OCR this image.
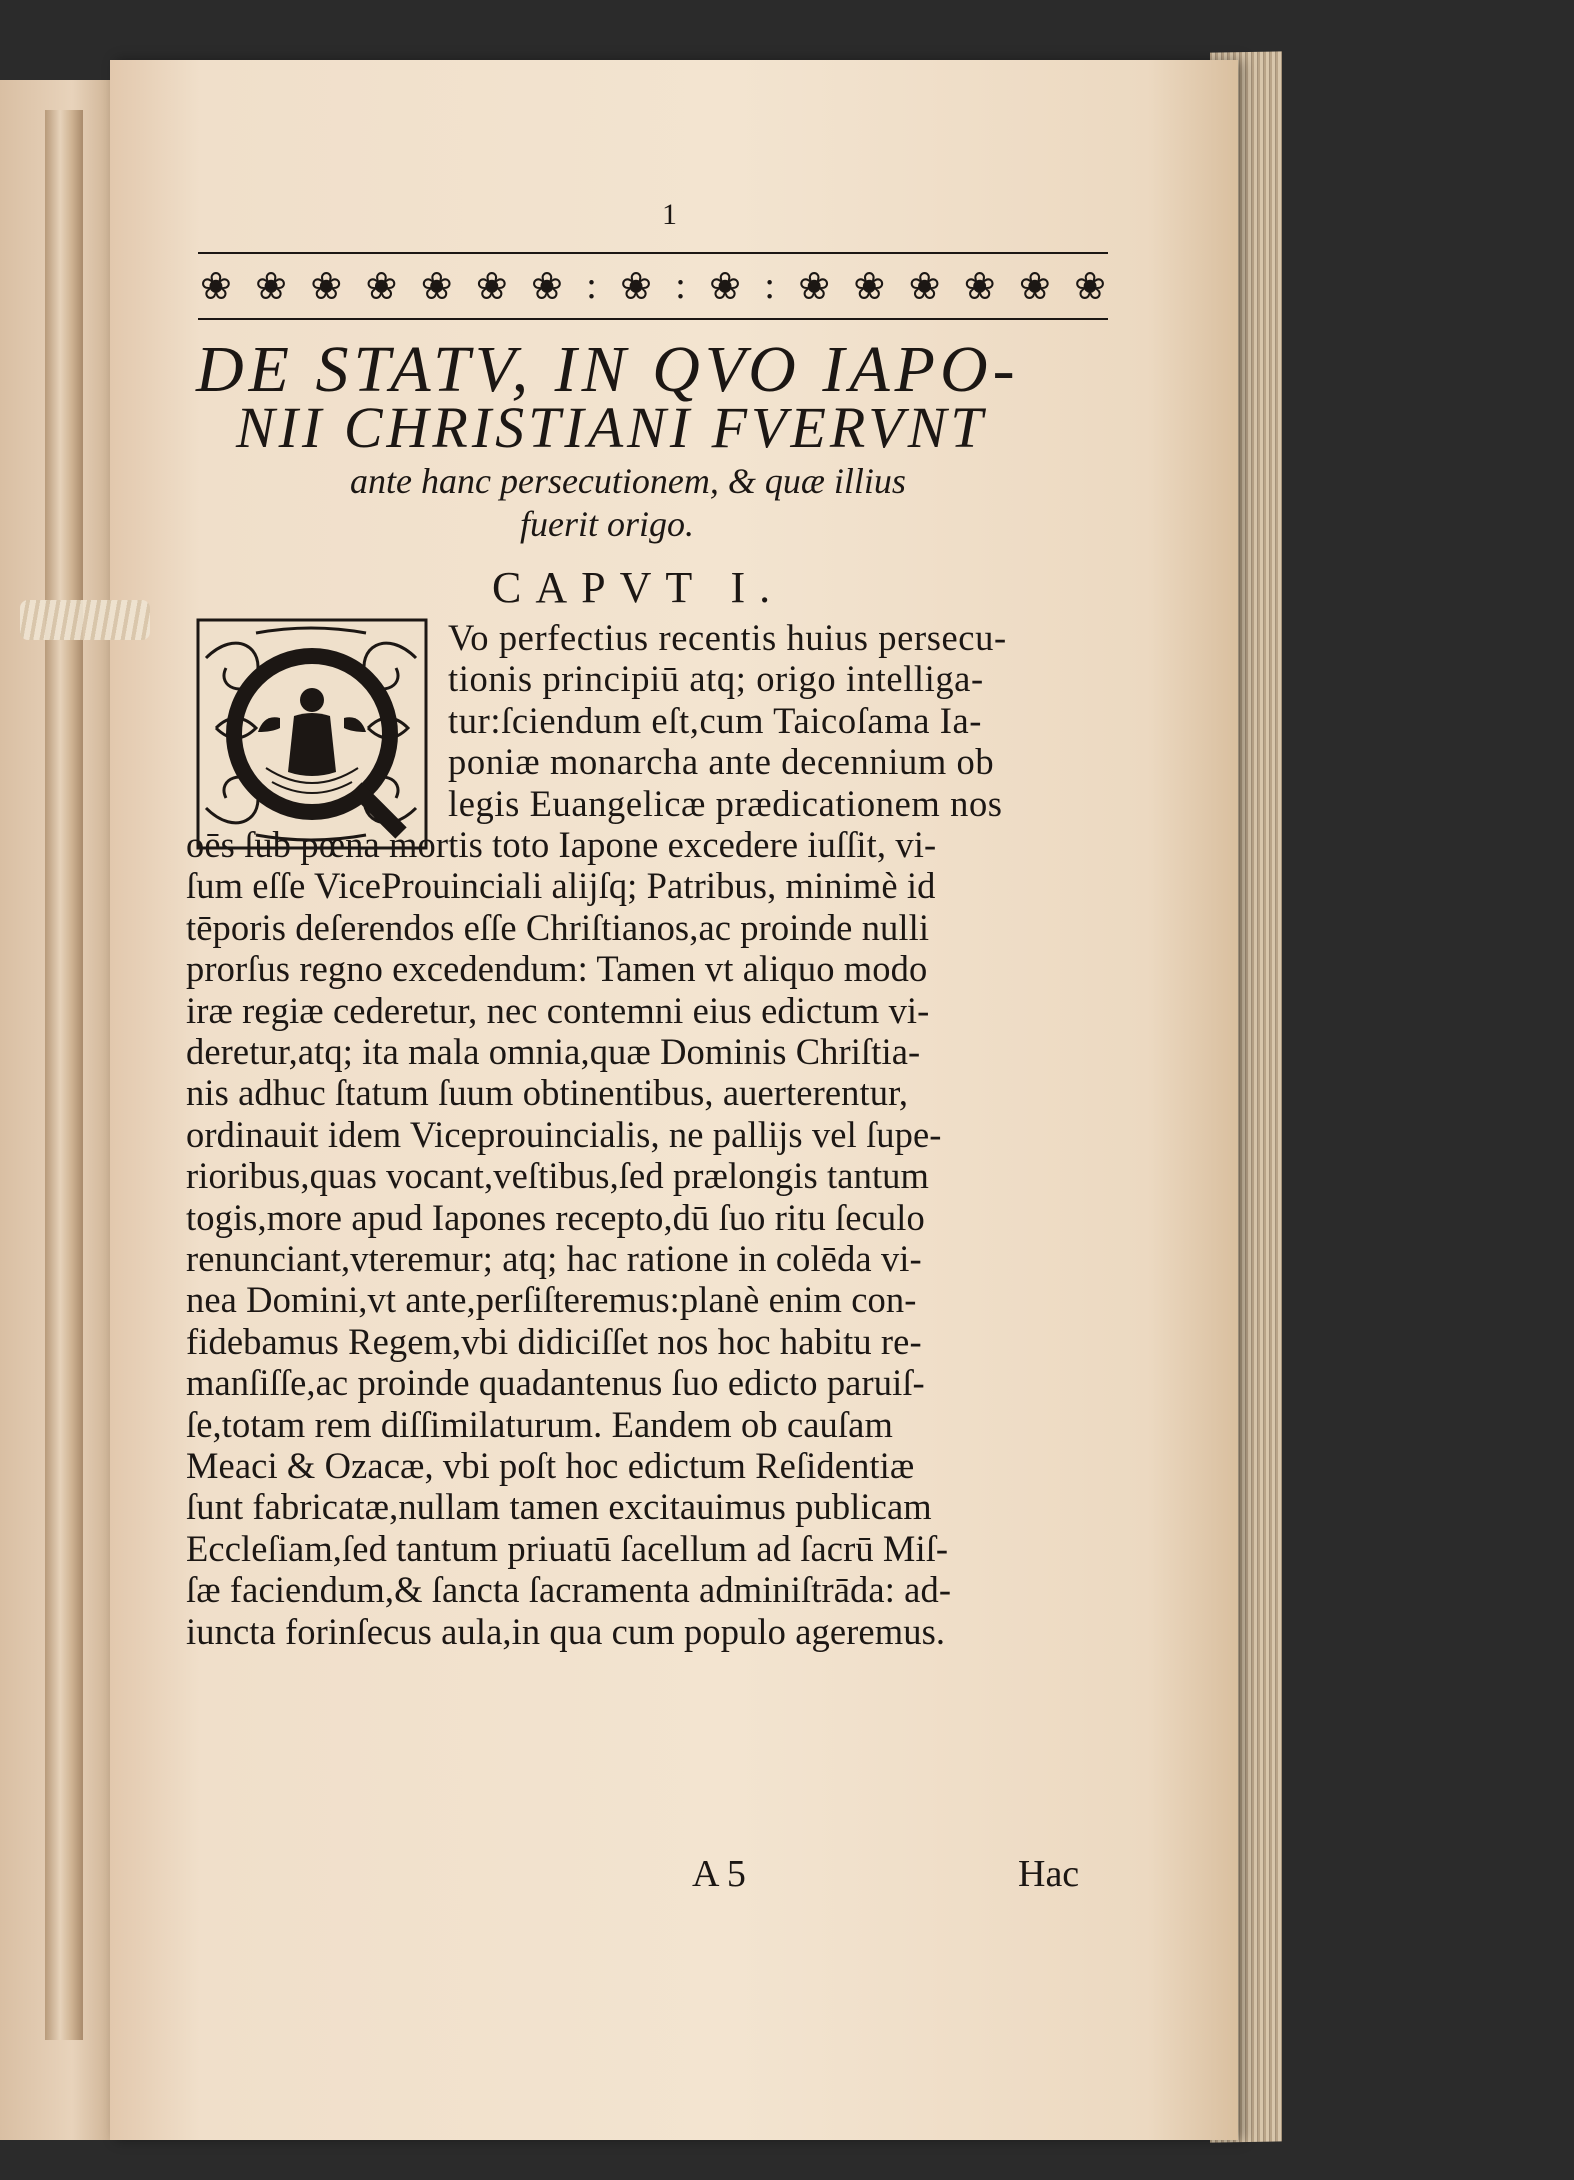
1
❀ ❀ ❀ ❀ ❀ ❀ ❀ : ❀ : ❀ : ❀ ❀ ❀ ❀ ❀ ❀
DE STATV, IN QVO IAPO-
NII CHRISTIANI FVERVNT
ante hanc persecutionem, & quæ illius
fuerit origo.
CAPVT I.
Vo perfectius recentis huius persecu-
tionis principiū atq; origo intelliga-
tur:ſciendum eſt,cum Taicoſama Ia-
poniæ monarcha ante decennium ob
legis Euangelicæ prædicationem nos
oēs ſub pœna mortis toto Iapone excedere iuſſit, vi-
ſum eſſe ViceProuinciali alijſq; Patribus, minimè id
tēporis deſerendos eſſe Chriſtianos,ac proinde nulli
prorſus regno excedendum: Tamen vt aliquo modo
iræ regiæ cederetur, nec contemni eius edictum vi-
deretur,atq; ita mala omnia,quæ Dominis Chriſtia-
nis adhuc ſtatum ſuum obtinentibus, auerterentur,
ordinauit idem Viceprouincialis, ne pallijs vel ſupe-
rioribus,quas vocant,veſtibus,ſed prælongis tantum
togis,more apud Iapones recepto,dū ſuo ritu ſeculo
renunciant,vteremur; atq; hac ratione in colēda vi-
nea Domini,vt ante,perſiſteremus:planè enim con-
fidebamus Regem,vbi didiciſſet nos hoc habitu re-
manſiſſe,ac proinde quadantenus ſuo edicto paruiſ-
ſe,totam rem diſſimilaturum. Eandem ob cauſam
Meaci & Ozacæ, vbi poſt hoc edictum Reſidentiæ
ſunt fabricatæ,nullam tamen excitauimus publicam
Eccleſiam,ſed tantum priuatū ſacellum ad ſacrū Miſ-
ſæ faciendum,& ſancta ſacramenta adminiſtrāda: ad-
iuncta forinſecus aula,in qua cum populo ageremus.
A 5	Hac
